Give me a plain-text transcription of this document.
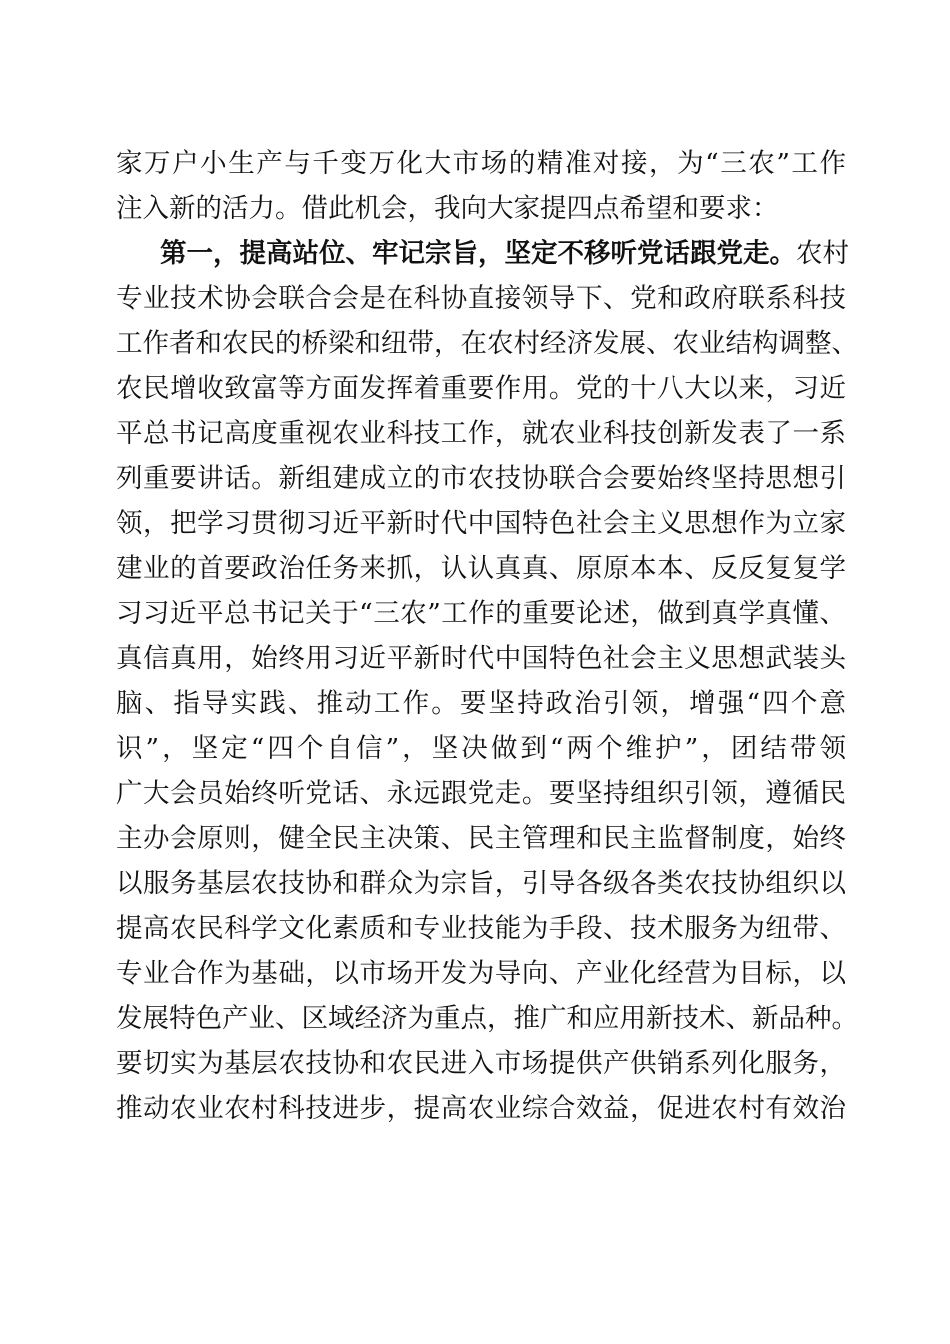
家万户小生产与千变万化大市场的精准对接，为“三农”工作
注入新的活力。借此机会，我向大家提四点希望和要求：
第一，提高站位、牢记宗旨，坚定不移听党话跟党走。农村
专业技术协会联合会是在科协直接领导下、党和政府联系科技
工作者和农民的桥梁和纽带，在农村经济发展、农业结构调整、
农民增收致富等方面发挥着重要作用。党的十八大以来，习近
平总书记高度重视农业科技工作，就农业科技创新发表了一系
列重要讲话。新组建成立的市农技协联合会要始终坚持思想引
领，把学习贯彻习近平新时代中国特色社会主义思想作为立家
建业的首要政治任务来抓，认认真真、原原本本、反反复复学
习习近平总书记关于“三农”工作的重要论述，做到真学真懂、
真信真用，始终用习近平新时代中国特色社会主义思想武装头
脑、指导实践、推动工作。要坚持政治引领，增强“四个意
识”，坚定“四个自信”，坚决做到“两个维护”，团结带领
广大会员始终听党话、永远跟党走。要坚持组织引领，遵循民
主办会原则，健全民主决策、民主管理和民主监督制度，始终
以服务基层农技协和群众为宗旨，引导各级各类农技协组织以
提高农民科学文化素质和专业技能为手段、技术服务为纽带、
专业合作为基础，以市场开发为导向、产业化经营为目标，以
发展特色产业、区域经济为重点，推广和应用新技术、新品种。
要切实为基层农技协和农民进入市场提供产供销系列化服务，
推动农业农村科技进步，提高农业综合效益，促进农村有效治
